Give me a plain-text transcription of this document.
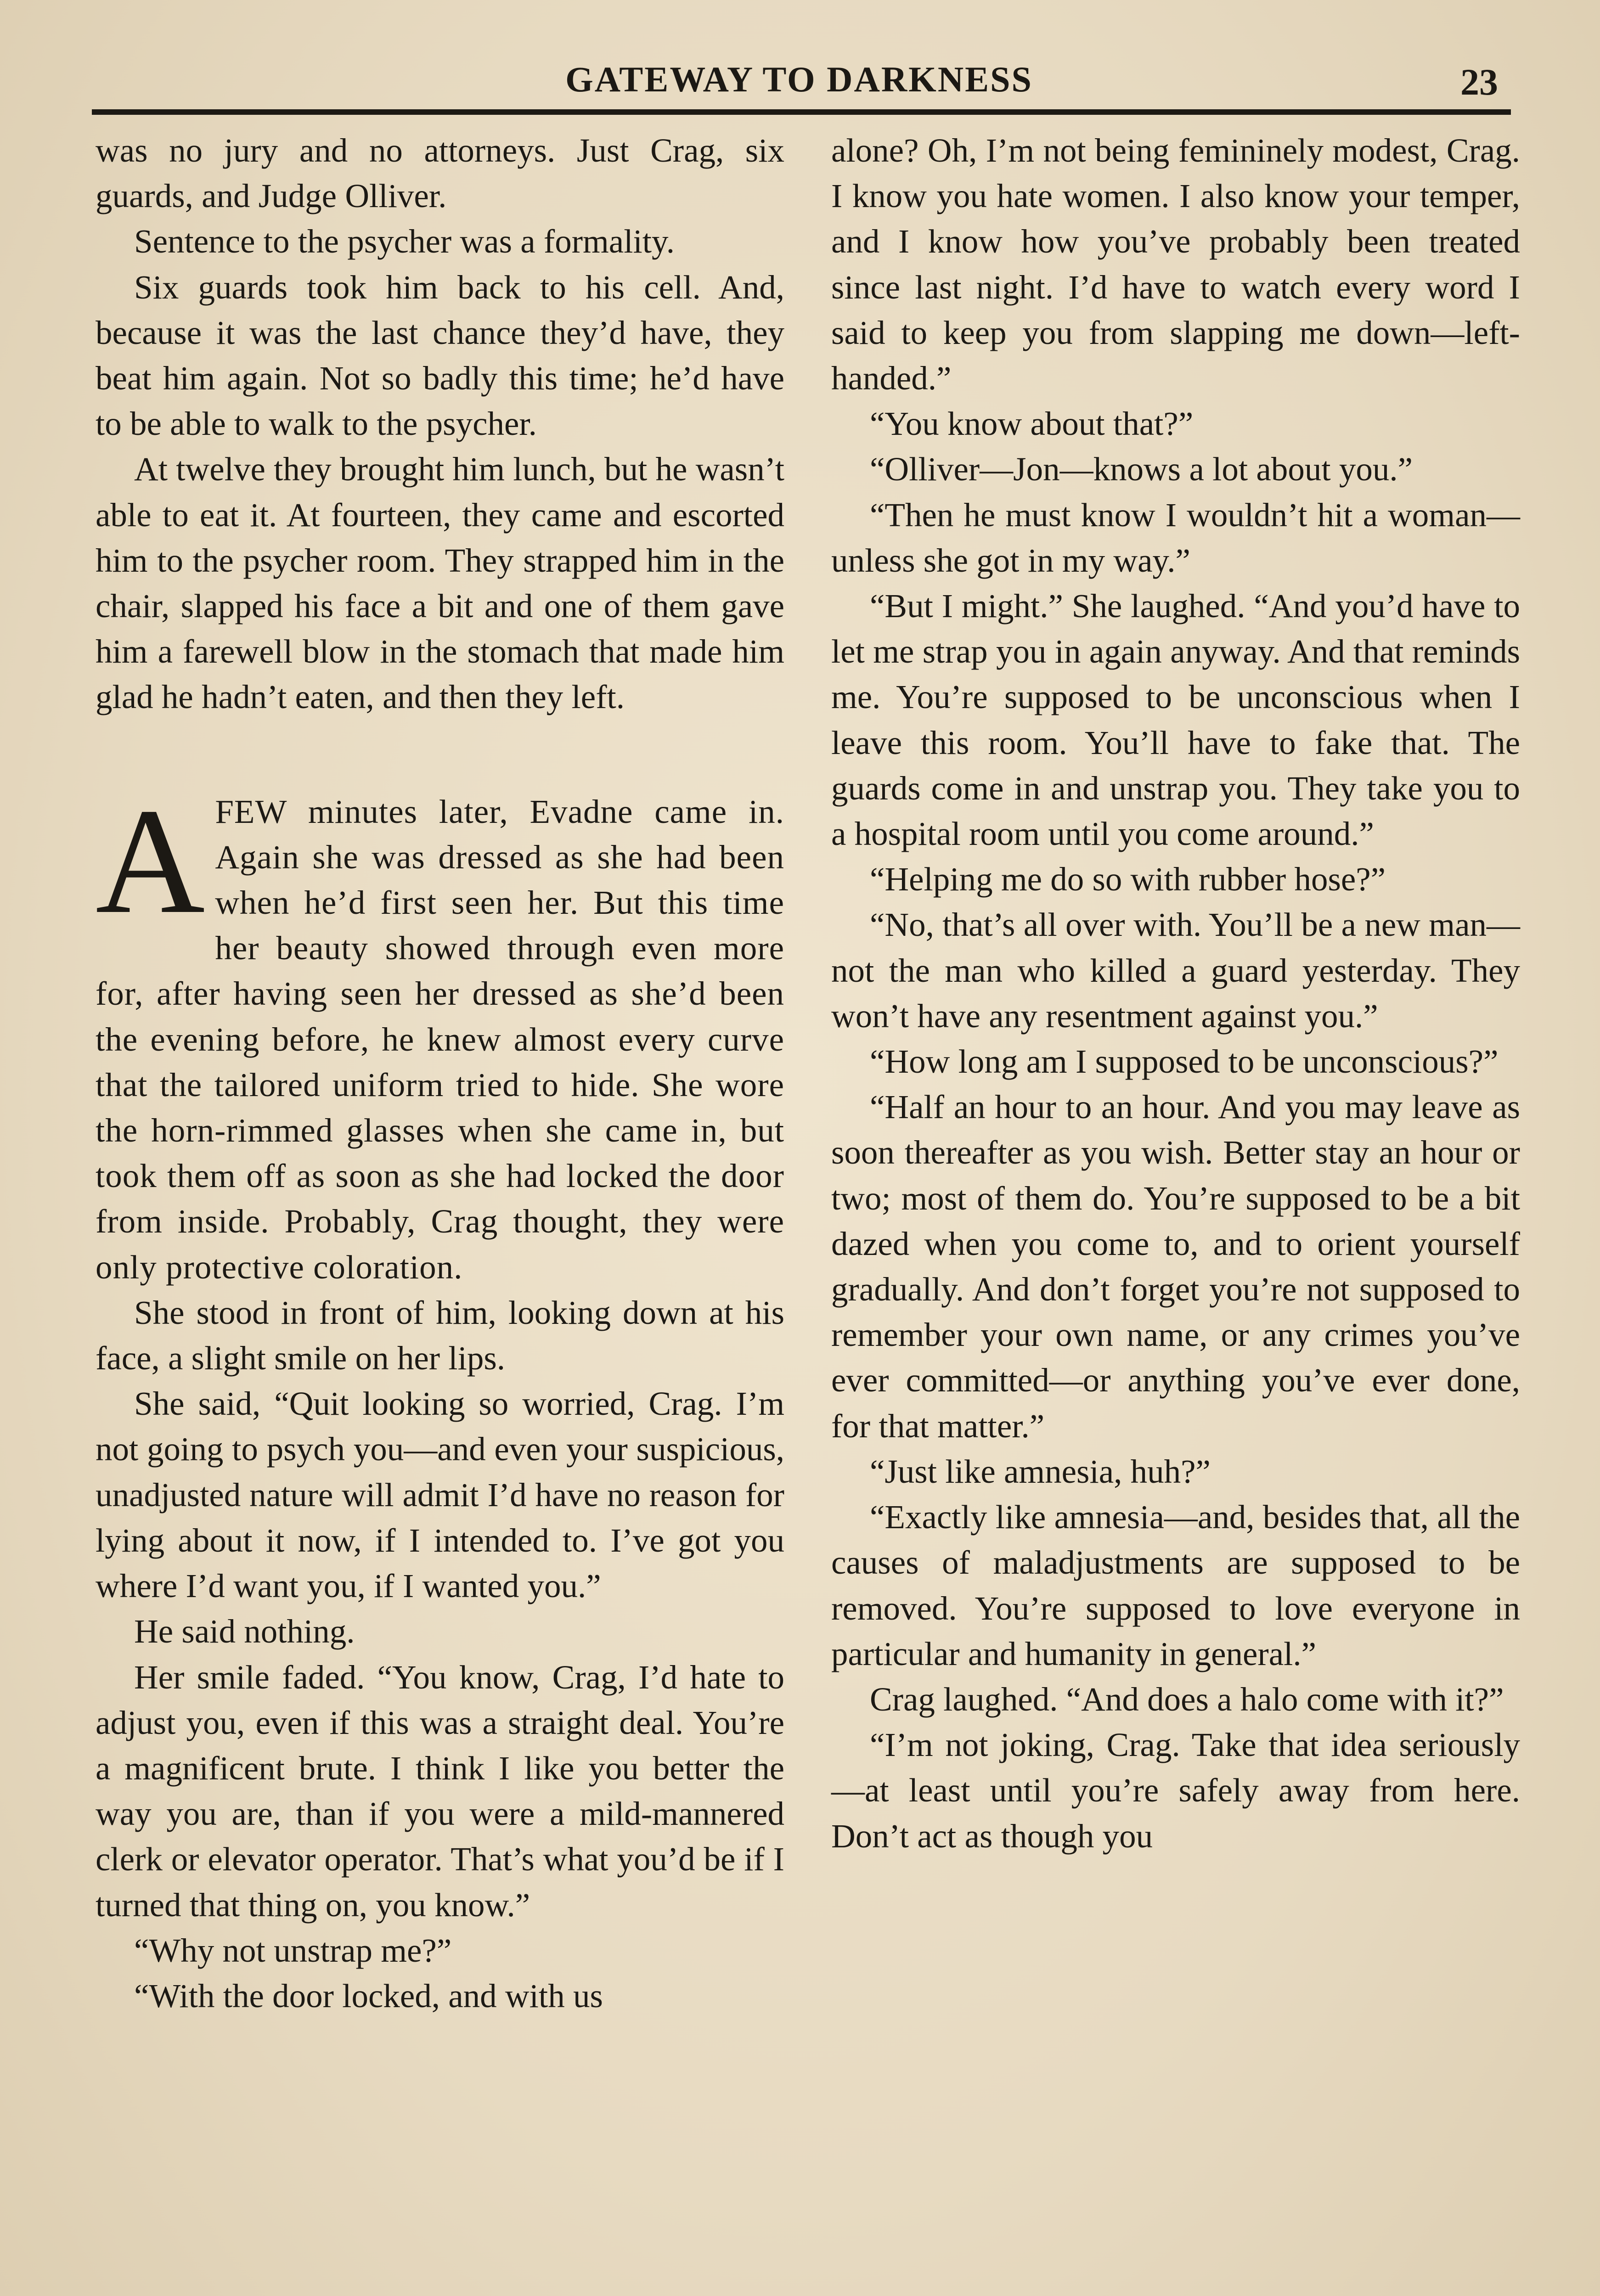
GATEWAY TO DARKNESS	23

was no jury and no attorneys. Just Crag, six guards, and Judge Olliver.

Sentence to the psycher was a formality.

Six guards took him back to his cell. And, because it was the last chance they’d have, they beat him again. Not so badly this time; he’d have to be able to walk to the psycher.

At twelve they brought him lunch, but he wasn’t able to eat it. At fourteen, they came and escorted him to the psycher room. They strapped him in the chair, slapped his face a bit and one of them gave him a farewell blow in the stomach that made him glad he hadn’t eaten, and then they left.

AFEW minutes later, Evadne came in. Again she was dressed as she had been when he’d first seen her. But this time her beauty showed through even more for, after having seen her dressed as she’d been the evening before, he knew almost every curve that the tailored uniform tried to hide. She wore the horn-rimmed glasses when she came in, but took them off as soon as she had locked the door from inside. Probably, Crag thought, they were only protective coloration.

She stood in front of him, looking down at his face, a slight smile on her lips.

She said, “Quit looking so worried, Crag. I’m not going to psych you—and even your suspicious, unadjusted nature will admit I’d have no reason for lying about it now, if I intended to. I’ve got you where I’d want you, if I wanted you.”

He said nothing.

Her smile faded. “You know, Crag, I’d hate to adjust you, even if this was a straight deal. You’re a magnificent brute. I think I like you better the way you are, than if you were a mild-mannered clerk or elevator operator. That’s what you’d be if I turned that thing on, you know.”

“Why not unstrap me?”

“With the door locked, and with us

alone? Oh, I’m not being femininely modest, Crag. I know you hate women. I also know your temper, and I know how you’ve probably been treated since last night. I’d have to watch every word I said to keep you from slapping me down—left-handed.”

“You know about that?”

“Olliver—Jon—knows a lot about you.”

“Then he must know I wouldn’t hit a woman—unless she got in my way.”

“But I might.” She laughed. “And you’d have to let me strap you in again anyway. And that reminds me. You’re supposed to be unconscious when I leave this room. You’ll have to fake that. The guards come in and unstrap you. They take you to a hospital room until you come around.”

“Helping me do so with rubber hose?”

“No, that’s all over with. You’ll be a new man—not the man who killed a guard yesterday. They won’t have any resentment against you.”

“How long am I supposed to be unconscious?”

“Half an hour to an hour. And you may leave as soon thereafter as you wish. Better stay an hour or two; most of them do. You’re supposed to be a bit dazed when you come to, and to orient yourself gradually. And don’t forget you’re not supposed to remember your own name, or any crimes you’ve ever committed—or anything you’ve ever done, for that matter.”

“Just like amnesia, huh?”

“Exactly like amnesia—and, besides that, all the causes of maladjustments are supposed to be removed. You’re supposed to love everyone in particular and humanity in general.”

Crag laughed. “And does a halo come with it?”

“I’m not joking, Crag. Take that idea seriously—at least until you’re safely away from here. Don’t act as though you
